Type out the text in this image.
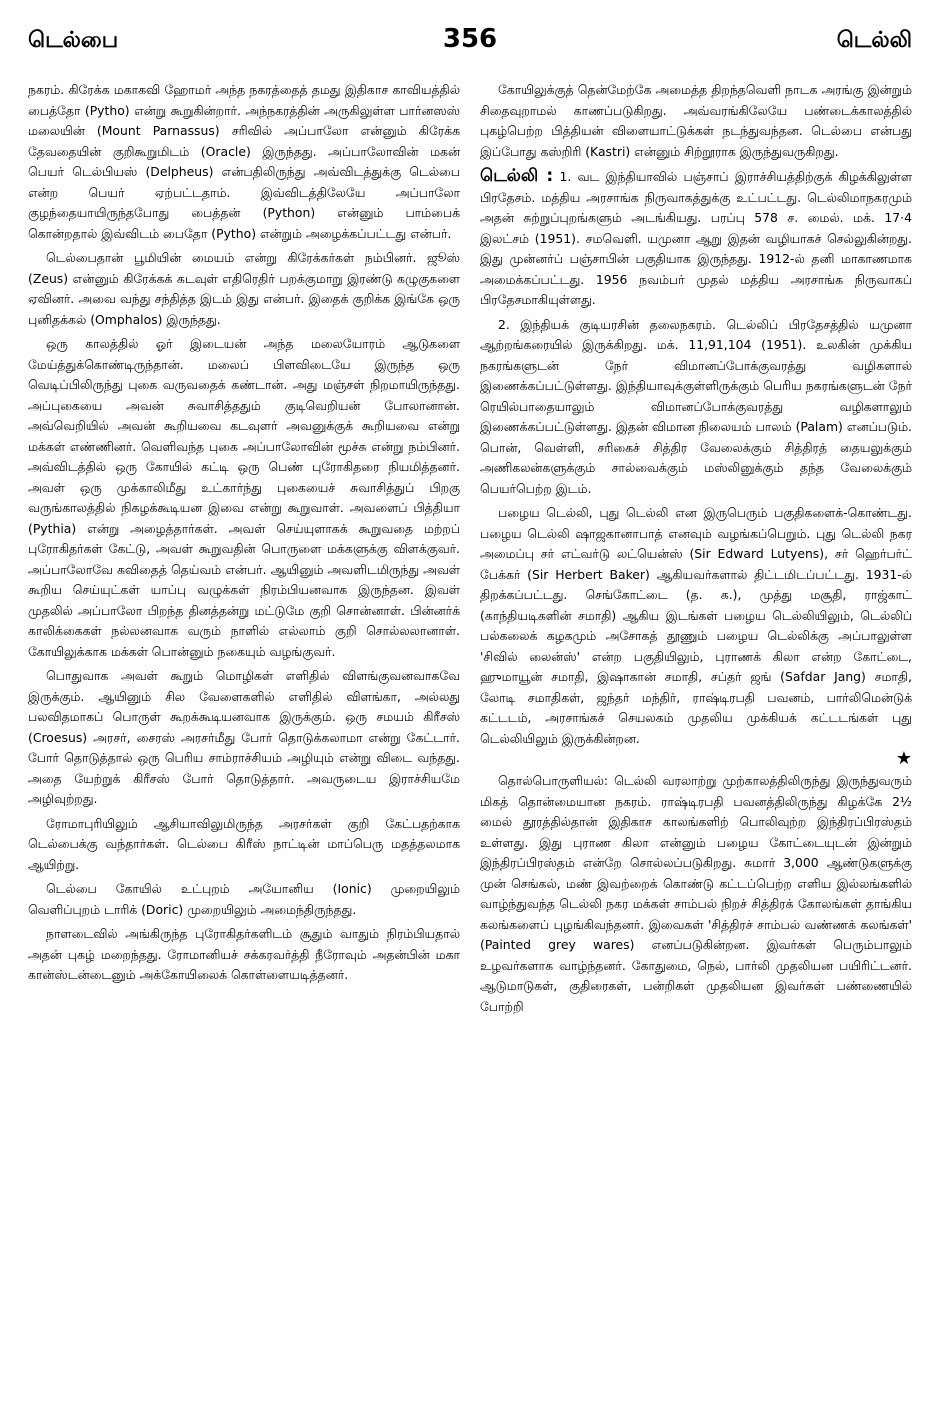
டெல்பை	356	டெல்லி

நகரம். கிரேக்க மகாகவி ஹோமர் அந்த நகரத்தைத் தமது இதிகாச காவியத்தில் பைத்தோ (Pytho) என்று கூறுகின்றார். அந்நகரத்தின் அருகிலுள்ள பார்னஸஸ் மலையின் (Mount Parnassus) சரிவில் அப்பாலோ என்னும் கிரேக்க தேவதையின் குறிகூறுமிடம் (Oracle) இருந்தது. அப்பாலோவின் மகன் பெயர் டெல்பியஸ் (Delpheus) என்பதிலிருந்து அவ்விடத்துக்கு டெல்பை என்ற பெயர் ஏற்பட்டதாம். இவ்விடத்திலேயே அப்பாலோ குழந்தையாயிருந்தபோது பைத்தன் (Python) என்னும் பாம்பைக் கொன்றதால் இவ்விடம் பைதோ (Pytho) என்றும் அழைக்கப்பட்டது என்பர்.

டெல்பைதான் பூமியின் மையம் என்று கிரேக்கர்கள் நம்பினர். ஜூஸ் (Zeus) என்னும் கிரேக்கக் கடவுள் எதிரெதிர் பறக்குமாறு இரண்டு கழுகுகளை ஏவினர். அவை வந்து சந்தித்த இடம் இது என்பர். இதைக் குறிக்க இங்கே ஒரு புனிதக்கல் (Omphalos) இருந்தது.

ஒரு காலத்தில் ஓர் இடையன் அந்த மலையோரம் ஆடுகளை மேய்த்துக்கொண்டிருந்தான். மலைப் பிளவிடையே இருந்த ஒரு வெடிப்பிலிருந்து புகை வருவதைக் கண்டான். அது மஞ்சள் நிறமாயிருந்தது. அப்புகையை அவன் சுவாசித்ததும் குடிவெறியன் போலானான். அவ்வெறியில் அவன் கூறியவை கடவுளர் அவனுக்குக் கூறியவை என்று மக்கள் எண்ணினர். வெளிவந்த புகை அப்பாலோவின் மூச்சு என்று நம்பினர். அவ்விடத்தில் ஒரு கோயில் கட்டி ஒரு பெண் புரோகிதரை நியமித்தனர். அவள் ஒரு முக்காலிமீது உட்கார்ந்து புகையைச் சுவாசித்துப் பிறகு வருங்காலத்தில் நிகழக்கூடியன இவை என்று கூறுவாள். அவளைப் பித்தியா (Pythia) என்று அழைத்தார்கள். அவள் செய்யுளாகக் கூறுவதை மற்றப் புரோகிதர்கள் கேட்டு, அவள் கூறுவதின் பொருளை மக்களுக்கு விளக்குவர். அப்பாலோவே கவிதைத் தெய்வம் என்பர். ஆயினும் அவளிடமிருந்து அவள் கூறிய செய்யுட்கள் யாப்பு வழுக்கள் நிரம்பியனவாக இருந்தன. இவள் முதலில் அப்பாலோ பிறந்த தினத்தன்று மட்டுமே குறி சொன்னாள். பின்னர்க் காலிக்கைகள் நல்லனவாக வரும் நாளில் எல்லாம் குறி சொல்லலானாள். கோயிலுக்காக மக்கள் பொன்னும் நகையும் வழங்குவர்.

பொதுவாக அவள் கூறும் மொழிகள் எளிதில் விளங்குவனவாகவே இருக்கும். ஆயினும் சில வேளைகளில் எளிதில் விளங்கா, அல்லது பலவிதமாகப் பொருள் கூறக்கூடியனவாக இருக்கும். ஒரு சமயம் கிரீசஸ் (Croesus) அரசர், சைரஸ் அரசர்மீது போர் தொடுக்கலாமா என்று கேட்டார். போர் தொடுத்தால் ஒரு பெரிய சாம்ராச்சியம் அழியும் என்று விடை வந்தது. அதை யேற்றுக் கிரீசஸ் போர் தொடுத்தார். அவருடைய இராச்சியமே அழிவுற்றது.

ரோமாபுரியிலும் ஆசியாவிலுமிருந்த அரசர்கள் குறி கேட்பதற்காக டெல்பைக்கு வந்தார்கள். டெல்பை கிரீஸ் நாட்டின் மாப்பெரு மதத்தலமாக ஆயிற்று.

டெல்பை கோயில் உட்புறம் அயோனிய (Ionic) முறையிலும் வெளிப்புறம் டாரிக் (Doric) முறையிலும் அமைந்திருந்தது.

நாளடைவில் அங்கிருந்த புரோகிதர்களிடம் சூதும் வாதும் நிரம்பியதால் அதன் புகழ் மறைந்தது. ரோமானியச் சக்கரவர்த்தி நீரோவும் அதன்பின் மகா கான்ஸ்டன்டைனும் அக்கோயிலைக் கொள்ளையடித்தனர்.

கோயிலுக்குத் தென்மேற்கே அமைத்த திறந்தவெளி நாடக அரங்கு இன்றும் சிதைவுறாமல் காணப்படுகிறது. அவ்வரங்கிலேயே பண்டைக்காலத்தில் புகழ்பெற்ற பித்தியன் விளையாட்டுக்கள் நடந்துவந்தன. டெல்பை என்பது இப்போது கஸ்றிரி (Kastri) என்னும் சிற்றூராக இருந்துவருகிறது.

டெல்லி : 1. வட இந்தியாவில் பஞ்சாப் இராச்சியத்திற்குக் கிழக்கிலுள்ள பிரதேசம். மத்திய அரசாங்க நிருவாகத்துக்கு உட்பட்டது. டெல்லிமாநகரமும் அதன் சுற்றுப்புறங்களும் அடங்கியது. பரப்பு 578 ச. மைல். மக். 17·4 இலட்சம் (1951). சமவெளி. யமுனா ஆறு இதன் வழியாகச் செல்லுகின்றது. இது முன்னர்ப் பஞ்சாபின் பகுதியாக இருந்தது. 1912-ல் தனி மாகாணமாக அமைக்கப்பட்டது. 1956 நவம்பர் முதல் மத்திய அரசாங்க நிருவாகப் பிரதேசமாகியுள்ளது.

2. இந்தியக் குடியரசின் தலைநகரம். டெல்லிப் பிரதேசத்தில் யமுனா ஆற்றங்கரையில் இருக்கிறது. மக். 11,91,104 (1951). உலகின் முக்கிய நகரங்களுடன் நேர் விமானப்போக்குவரத்து வழிகளால் இணைக்கப்பட்டுள்ளது. இந்தியாவுக்குள்ளிருக்கும் பெரிய நகரங்களுடன் நேர் ரெயில்பாதையாலும் விமானப்போக்குவரத்து வழிகளாலும் இணைக்கப்பட்டுள்ளது. இதன் விமான நிலையம் பாலம் (Palam) எனப்படும். பொன், வெள்ளி, சரிகைச் சித்திர வேலைக்கும் சித்திரத் தையலுக்கும் அணிகலன்களுக்கும் சால்வைக்கும் மஸ்லினுக்கும் தந்த வேலைக்கும் பெயர்பெற்ற இடம்.

பழைய டெல்லி, புது டெல்லி என இருபெரும் பகுதிகளைக்-கொண்டது. பழைய டெல்லி ஷாஜகானாபாத் எனவும் வழங்கப்பெறும். புது டெல்லி நகர அமைப்பு சர் எட்வர்டு லட்யென்ஸ் (Sir Edward Lutyens), சர் ஹெர்பர்ட் பேக்கர் (Sir Herbert Baker) ஆகியவர்களால் திட்டமிடப்பட்டது. 1931-ல் திறக்கப்பட்டது. செங்கோட்டை (த. க.), முத்து மசூதி, ராஜ்காட் (காந்தியடிகளின் சமாதி) ஆகிய இடங்கள் பழைய டெல்லியிலும், டெல்லிப் பல்கலைக் கழகமும் அசோகத் தூணும் பழைய டெல்லிக்கு அப்பாலுள்ள 'சிவில் லைன்ஸ்' என்ற பகுதியிலும், புராணக் கிலா என்ற கோட்டை, ஹுமாயூன் சமாதி, இஷாகான் சமாதி, சப்தர் ஜங் (Safdar Jang) சமாதி, லோடி சமாதிகள், ஜந்தர் மந்திர், ராஷ்டிரபதி பவனம், பார்லிமென்டுக் கட்டடம், அரசாங்கச் செயலகம் முதலிய முக்கியக் கட்டடங்கள் புது டெல்லியிலும் இருக்கின்றன.

★

தொல்பொருளியல்: டெல்லி வரலாற்று முற்காலத்திலிருந்து இருந்துவரும் மிகத் தொன்மையான நகரம். ராஷ்டிரபதி பவனத்திலிருந்து கிழக்கே 2½ மைல் தூரத்தில்தான் இதிகாச காலங்களிற் பொலிவுற்ற இந்திரப்பிரஸ்தம் உள்ளது. இது புராண கிலா என்னும் பழைய கோட்டையுடன் இன்றும் இந்திரப்பிரஸ்தம் என்றே சொல்லப்படுகிறது. சுமார் 3,000 ஆண்டுகளுக்கு முன் செங்கல், மண் இவற்றைக் கொண்டு கட்டப்பெற்ற எளிய இல்லங்களில் வாழ்ந்துவந்த டெல்லி நகர மக்கள் சாம்பல் நிறச் சித்திரக் கோலங்கள் தாங்கிய கலங்களைப் புழங்கிவந்தனர். இவைகள் 'சித்திரச் சாம்பல் வண்ணக் கலங்கள்' (Painted grey wares) எனப்படுகின்றன. இவர்கள் பெரும்பாலும் உழவர்களாக வாழ்ந்தனர். கோதுமை, நெல், பார்லி முதலியன பயிரிட்டனர். ஆடுமாடுகள், குதிரைகள், பன்றிகள் முதலியன இவர்கள் பண்ணையில் போற்றி
